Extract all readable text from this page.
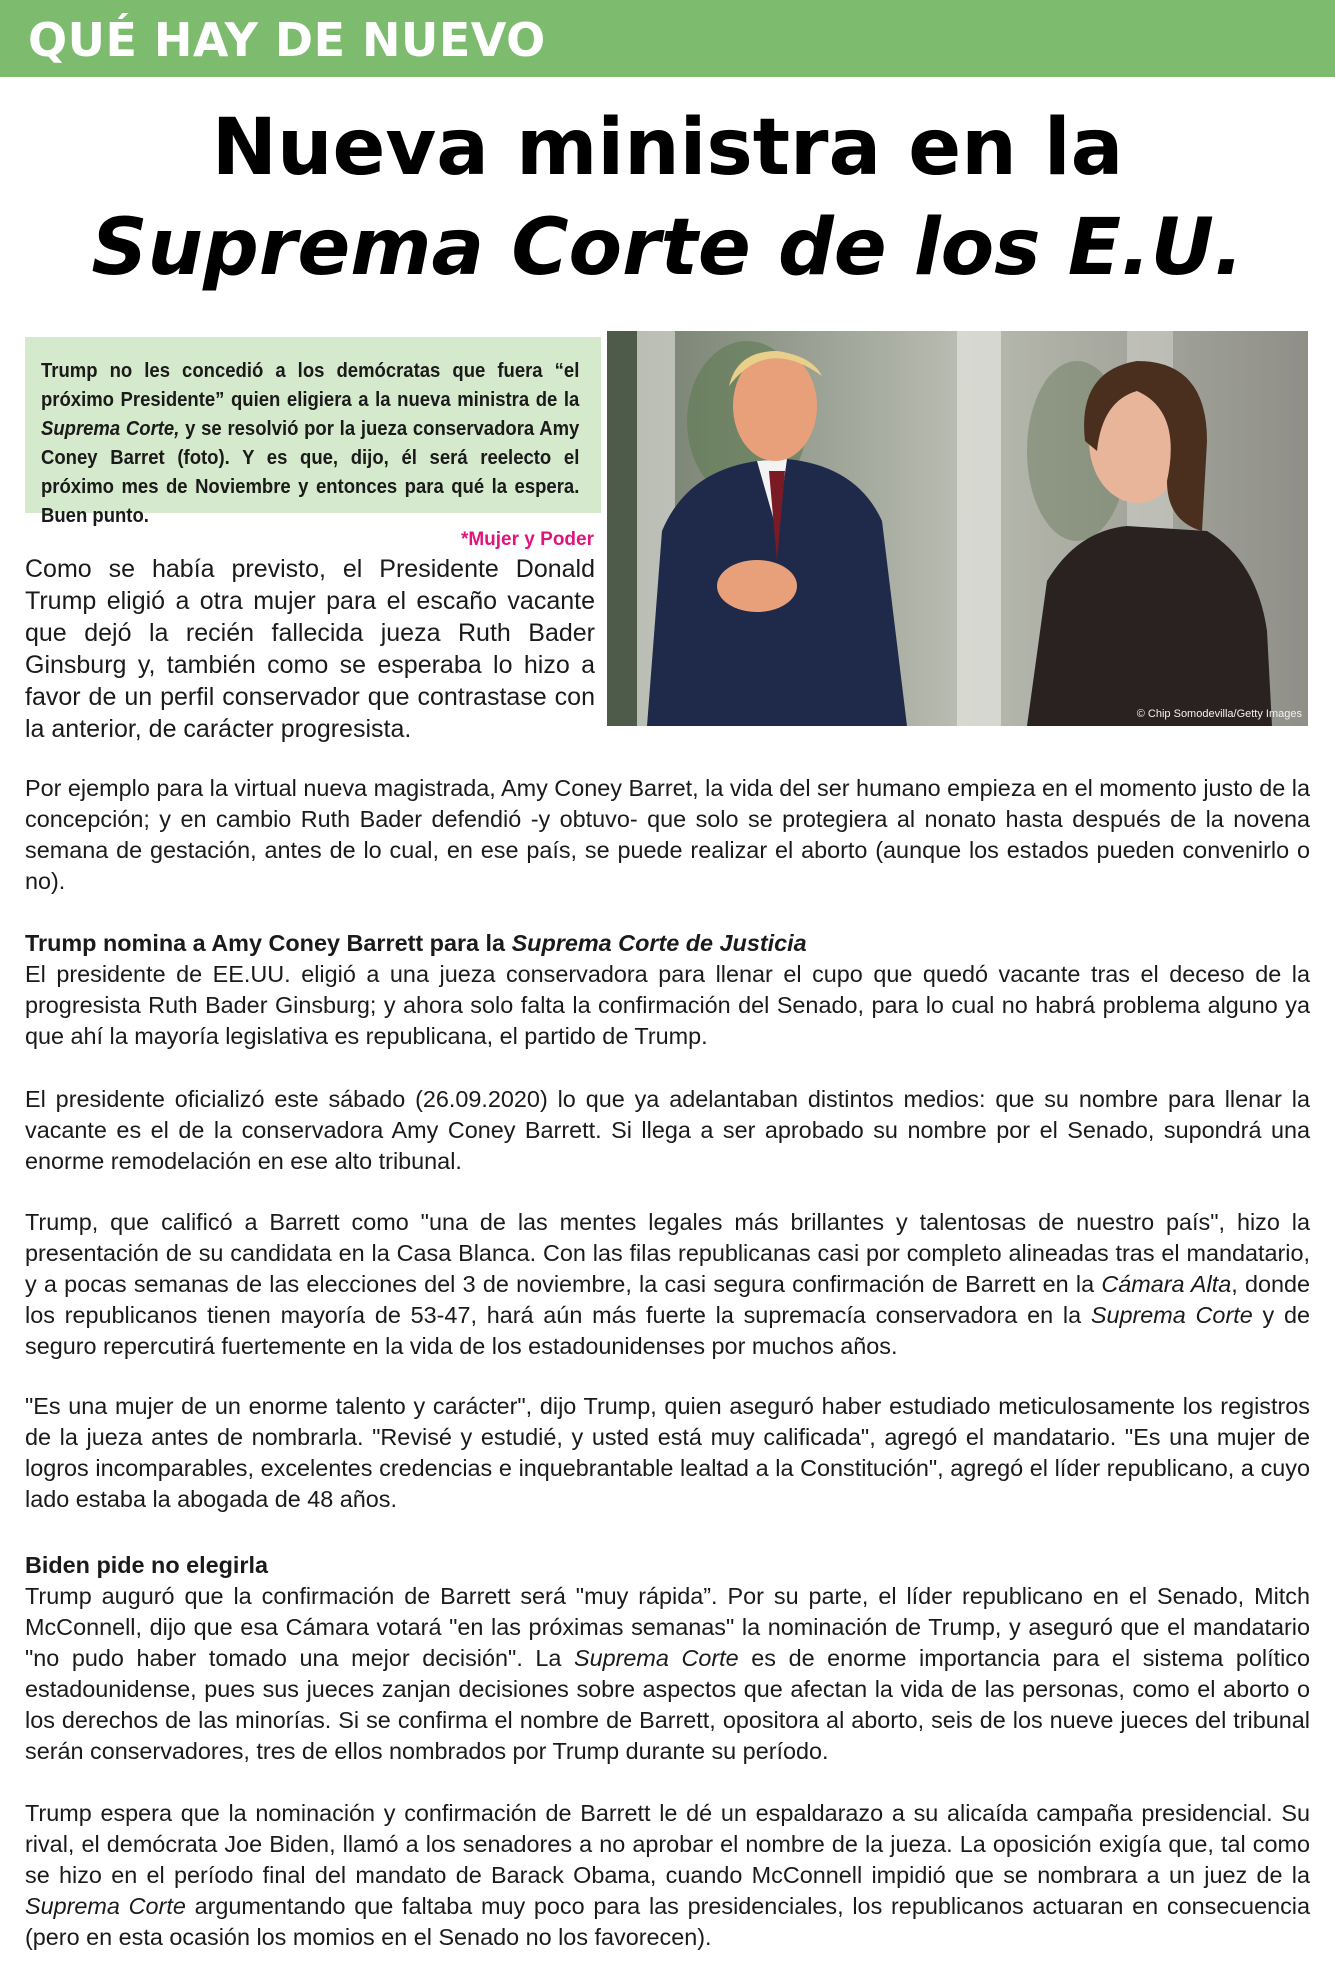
QUÉ HAY DE NUEVO
Nueva ministra en la
Suprema Corte de los E.U.

Trump no les concedió a los demócratas que fuera “el próximo Presidente” quien eligiera a la nueva ministra de la Suprema Corte, y se resolvió por la jueza conservadora Amy Coney Barret (foto). Y es que, dijo, él será reelecto el próximo mes de Noviembre y entonces para qué la espera. Buen punto.

*Mujer y Poder
© Chip Somodevilla/Getty Images

Como se había previsto, el Presidente Donald Trump eligió a otra mujer para el escaño vacante que dejó la recién fallecida jueza Ruth Bader Ginsburg y, también como se esperaba lo hizo a favor de un perfil conservador que contrastase con la anterior, de carácter progresista.

Por ejemplo para la virtual nueva magistrada, Amy Coney Barret, la vida del ser humano empieza en el momento justo de la concepción; y en cambio Ruth Bader defendió -y obtuvo- que solo se protegiera al nonato hasta después de la novena semana de gestación, antes de lo cual, en ese país, se puede realizar el aborto (aunque los estados pueden convenirlo o no).

Trump nomina a Amy Coney Barrett para la Suprema Corte de Justicia

El presidente de EE.UU. eligió a una jueza conservadora para llenar el cupo que quedó vacante tras el deceso de la progresista Ruth Bader Ginsburg; y ahora solo falta la confirmación del Senado, para lo cual no habrá problema alguno ya que ahí la mayoría legislativa es republicana, el partido de Trump.

El presidente oficializó este sábado (26.09.2020) lo que ya adelantaban distintos medios: que su nombre para llenar la vacante es el de la conservadora Amy Coney Barrett. Si llega a ser aprobado su nombre por el Senado, supondrá una enorme remodelación en ese alto tribunal.

Trump, que calificó a Barrett como "una de las mentes legales más brillantes y talentosas de nuestro país", hizo la presentación de su candidata en la Casa Blanca. Con las filas republicanas casi por completo alineadas tras el mandatario, y a pocas semanas de las elecciones del 3 de noviembre, la casi segura confirmación de Barrett en la Cámara Alta, donde los republicanos tienen mayoría de 53-47, hará aún más fuerte la supremacía conservadora en la Suprema Corte y de seguro repercutirá fuertemente en la vida de los estadounidenses por muchos años.

"Es una mujer de un enorme talento y carácter", dijo Trump, quien aseguró haber estudiado meticulosamente los registros de la jueza antes de nombrarla. "Revisé y estudié, y usted está muy calificada", agregó el mandatario. "Es una mujer de logros incomparables, excelentes credencias e inquebrantable lealtad a la Constitución", agregó el líder republicano, a cuyo lado estaba la abogada de 48 años.

Biden pide no elegirla

Trump auguró que la confirmación de Barrett será "muy rápida”. Por su parte, el líder republicano en el Senado, Mitch McConnell, dijo que esa Cámara votará "en las próximas semanas" la nominación de Trump, y aseguró que el mandatario "no pudo haber tomado una mejor decisión". La Suprema Corte es de enorme importancia para el sistema político estadounidense, pues sus jueces zanjan decisiones sobre aspectos que afectan la vida de las personas, como el aborto o los derechos de las minorías. Si se confirma el nombre de Barrett, opositora al aborto, seis de los nueve jueces del tribunal serán conservadores, tres de ellos nombrados por Trump durante su período.

Trump espera que la nominación y confirmación de Barrett le dé un espaldarazo a su alicaída campaña presidencial. Su rival, el demócrata Joe Biden, llamó a los senadores a no aprobar el nombre de la jueza. La oposición exigía que, tal como se hizo en el período final del mandato de Barack Obama, cuando McConnell impidió que se nombrara a un juez de la Suprema Corte argumentando que faltaba muy poco para las presidenciales, los republicanos actuaran en consecuencia (pero en esta ocasión los momios en el Senado no los favorecen).
